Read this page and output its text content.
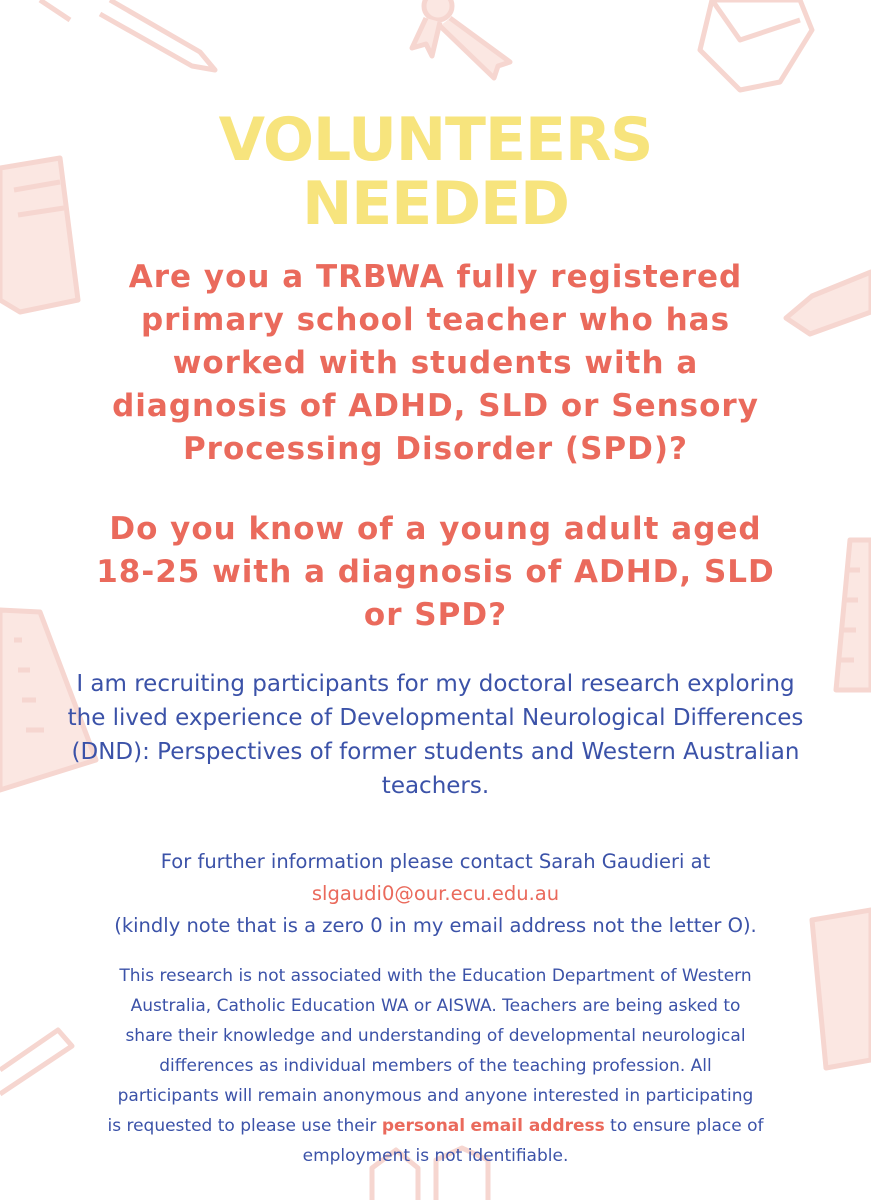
VOLUNTEERS
NEEDED
Are you a TRBWA fully registered
primary school teacher who has
worked with students with a
diagnosis of ADHD, SLD or Sensory
Processing Disorder (SPD)?
Do you know of a young adult aged
18-25 with a diagnosis of ADHD, SLD
or SPD?
I am recruiting participants for my doctoral research exploring
the lived experience of Developmental Neurological Differences
(DND): Perspectives of former students and Western Australian
teachers.
For further information please contact Sarah Gaudieri at
slgaudi0@our.ecu.edu.au
(kindly note that is a zero 0 in my email address not the letter O).
This research is not associated with the Education Department of Western
Australia, Catholic Education WA or AISWA. Teachers are being asked to
share their knowledge and understanding of developmental neurological
differences as individual members of the teaching profession. All
participants will remain anonymous and anyone interested in participating
is requested to please use their personal email address to ensure place of
employment is not identifiable.
